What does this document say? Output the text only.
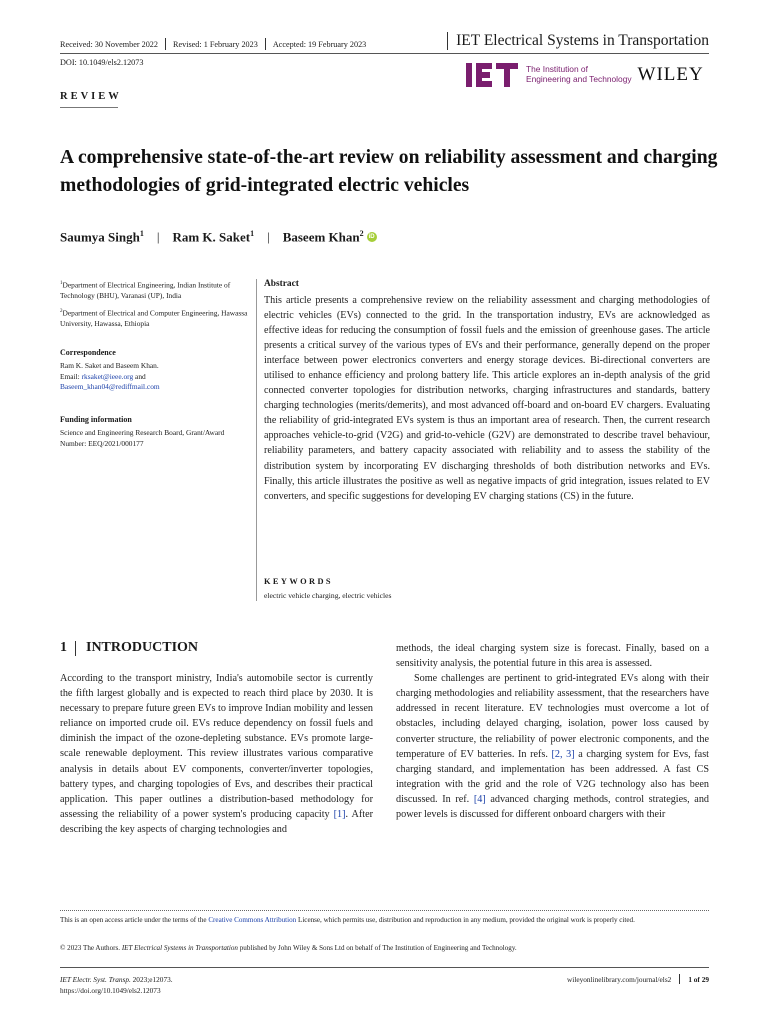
Received: 30 November 2022 Revised: 1 February 2023 Accepted: 19 February 2023	IET Electrical Systems in Transportation
DOI: 10.1049/els2.12073
The Institution of
Engineering and Technology WILEY
REVIEW
A comprehensive state-of-the-art review on reliability assessment and charging methodologies of grid-integrated electric vehicles
Saumya Singh$^1$ | Ram K. Saket$^1$ | Baseem Khan$^2$ iD
$^1$Department of Electrical Engineering, Indian Institute of Technology (BHU), Varanasi (UP), India
$^2$Department of Electrical and Computer Engineering, Hawassa University, Hawassa, Ethiopia
Correspondence
Ram K. Saket and Baseem Khan.
Email: rksaket@ieee.org and
Baseem_khan04@rediffmail.com
Funding information
Science and Engineering Research Board, Grant/Award Number: EEQ/2021/000177
Abstract
This article presents a comprehensive review on the reliability assessment and charging methodologies of electric vehicles (EVs) connected to the grid. In the transportation industry, EVs are acknowledged as effective ideas for reducing the consumption of fossil fuels and the emission of greenhouse gases. The article presents a critical survey of the various types of EVs and their performance, generally depend on the proper interface between power electronics converters and energy storage devices. Bi-directional converters are utilised to enhance efficiency and prolong battery life. This article explores an in-depth analysis of the grid connected converter topologies for distribution networks, charging infrastructures and standards, battery charging technologies (merits/demerits), and most advanced off-board and on-board EV chargers. Evaluating the reliability of grid-integrated EVs system is thus an important area of research. Then, the current research approaches vehicle-to-grid (V2G) and grid-to-vehicle (G2V) are demonstrated to describe travel behaviour, reliability parameters, and battery capacity associated with reliability and to assess the stability of the distribution system by incorporating EV discharging thresholds of both distribution networks and EVs. Finally, this article illustrates the positive as well as negative impacts of grid integration, issues related to EV converters, and specific suggestions for developing EV charging stations (CS) in the future.
KEYWORDS
electric vehicle charging, electric vehicles
1 INTRODUCTION
According to the transport ministry, India's automobile sector is currently the fifth largest globally and is expected to reach third place by 2030. It is necessary to prepare future green EVs to improve Indian mobility and lessen reliance on imported crude oil. EVs reduce dependency on fossil fuels and diminish the impact of the ozone-depleting substance. EVs promote large-scale renewable deployment. This review illustrates various comparative analysis in details about EV components, converter/inverter topologies, battery types, and charging topologies of Evs, and describes their practical application. This paper outlines a distribution-based methodology for assessing the reliability of a power system's producing capacity [1]. After describing the key aspects of charging technologies and

methods, the ideal charging system size is forecast. Finally, based on a sensitivity analysis, the potential future in this area is assessed.

Some challenges are pertinent to grid-integrated EVs along with their charging methodologies and reliability assessment, that the researchers have addressed in recent literature. EV technologies must overcome a lot of obstacles, including delayed charging, isolation, power loss caused by converter structure, the reliability of power electronic components, and the temperature of EV batteries. In refs. [2, 3] a charging system for Evs, fast charging standard, and implementation has been addressed. A fast CS integration with the grid and the role of V2G technology also has been discussed. In ref. [4] advanced charging methods, control strategies, and power levels is discussed for different onboard chargers with their

This is an open access article under the terms of the Creative Commons Attribution License, which permits use, distribution and reproduction in any medium, provided the original work is properly cited.
© 2023 The Authors. IET Electrical Systems in Transportation published by John Wiley & Sons Ltd on behalf of The Institution of Engineering and Technology.
IET Electr. Syst. Transp. 2023;e12073.
https://doi.org/10.1049/els2.12073
wileyonlinelibrary.com/journal/els2 1 of 29
